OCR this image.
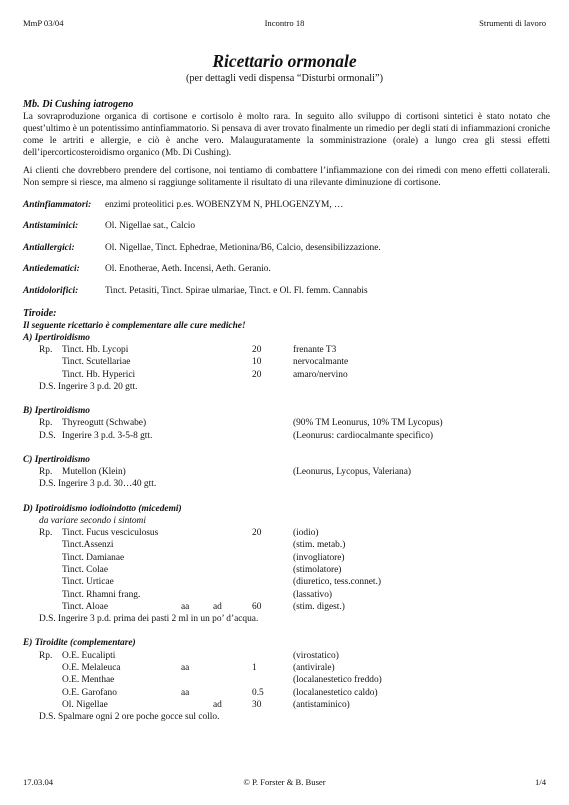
MmP 03/04	Incontro 18	Strumenti di lavoro
Ricettario ormonale
(per dettagli vedi dispensa “Disturbi ormonali”)
Mb. Di Cushing iatrogeno
La sovraproduzione organica di cortisone e cortisolo è molto rara. In seguito allo sviluppo di cortisoni sintetici è stato notato che quest’ultimo è un potentissimo antinfiammatorio. Si pensava di aver trovato finalmente un rimedio per degli stati di infiammazioni croniche come le artriti e allergie, e ciò è anche vero. Malauguratamente la somministrazione (orale) a lungo crea gli stessi effetti dell’ipercorticosteroidismo organico (Mb. Di Cushing).
Ai clienti che dovrebbero prendere del cortisone, noi tentiamo di combattere l’infiammazione con dei rimedi con meno effetti collaterali. Non sempre si riesce, ma almeno si raggiunge solitamente il risultato di una rilevante diminuzione di cortisone.
Antinfiammatori:	enzimi proteolitici p.es. WOBENZYM N, PHLOGENZYM, …
Antistaminici:	Ol. Nigellae sat., Calcio
Antiallergici:	Ol. Nigellae, Tinct. Ephedrae, Metionina/B6, Calcio, desensibilizzazione.
Antiedematici:	Ol. Enotherae, Aeth. Incensi, Aeth. Geranio.
Antidolorifici:	Tinct. Petasiti, Tinct. Spirae ulmariae, Tinct. e Ol. Fl. femm. Cannabis
Tiroide:
Il seguente ricettario è complementare alle cure mediche!
A) Ipertiroidismo
Rp. Tinct. Hb. Lycopi	20	frenante T3
Tinct. Scutellariae	10	nervocalmante
Tinct. Hb. Hyperici	20	amaro/nervino
D.S. Ingerire 3 p.d. 20 gtt.
B) Ipertiroidismo
Rp. Thyreogutt (Schwabe)	(90% TM Leonurus, 10% TM Lycopus)
D.S. Ingerire 3 p.d. 3-5-8 gtt.	(Leonurus: cardiocalmante specifico)
C) Ipertiroidismo
Rp. Mutellon (Klein)	(Leonurus, Lycopus, Valeriana)
D.S. Ingerire 3 p.d. 30…40 gtt.
D) Ipotiroidismo iodioindotto (micedemi)
da variare secondo i sintomi
Rp. Tinct. Fucus vesciculosus	20	(iodio)
Tinct.Assenzi	(stim. metab.)
Tinct. Damianae	(invogliatore)
Tinct. Colae	(stimolatore)
Tinct. Urticae	(diuretico, tess.connet.)
Tinct. Rhamni frang.	(lassativo)
Tinct. Aloae	aa	ad	60	(stim. digest.)
D.S. Ingerire 3 p.d. prima dei pasti 2 ml in un po’ d’acqua.
E) Tiroidite (complementare)
Rp. O.E. Eucalipti	(virostatico)
O.E. Melaleuca	aa	1	(antivirale)
O.E. Menthae	(localanestetico freddo)
O.E. Garofano	aa	0.5	(localanestetico caldo)
Ol. Nigellae	ad	30	(antistaminico)
D.S. Spalmare ogni 2 ore poche gocce sul collo.
17.03.04	© P. Forster & B. Buser	1/4
